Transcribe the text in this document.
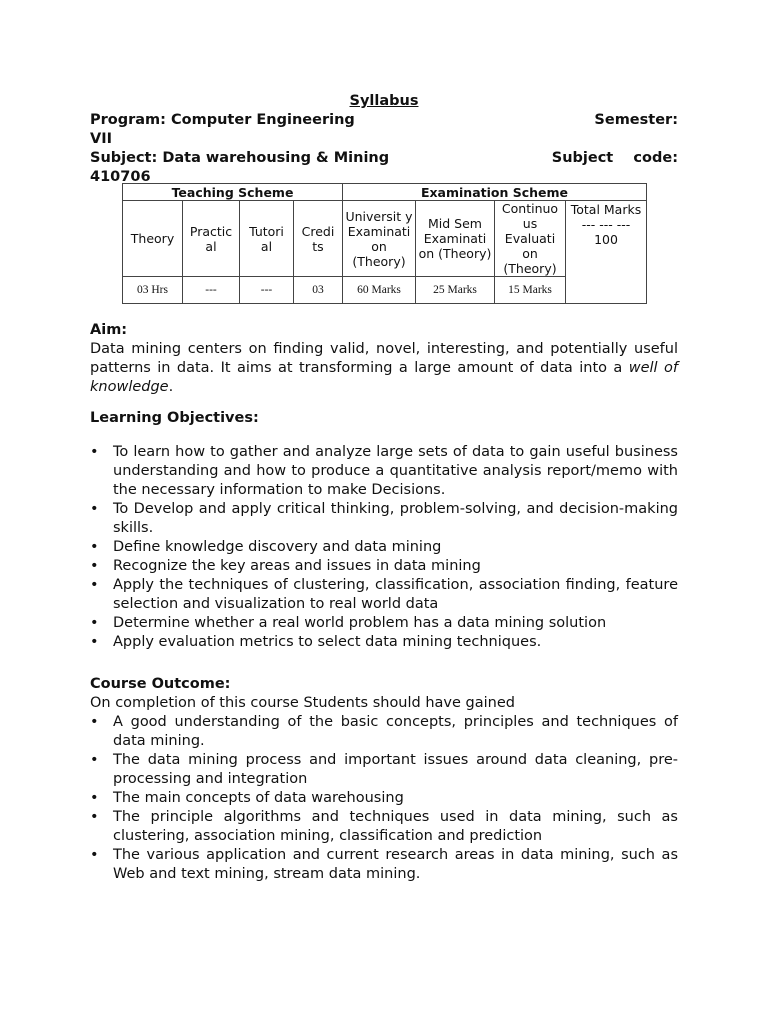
Syllabus
Program: Computer Engineering	Semester:
VII
Subject: Data warehousing & Mining	Subject    code:
410706
Teaching Scheme				Examination Scheme			
Theory	Practic al	Tutori al	Credi ts	Universit y Examinati on (Theory)	Mid Sem Examinati on (Theory)	Continuo us Evaluati on (Theory)	Total Marks --- --- ---
100

03 Hrs	---	---	03	60 Marks	25 Marks	15 Marks	
Aim:
Data mining centers on finding valid, novel, interesting, and potentially useful patterns in data. It aims at transforming a large amount of data into a well of knowledge.
Learning Objectives:
• To learn how to gather and analyze large sets of data to gain useful business understanding and how to produce a quantitative analysis report/memo with the necessary information to make Decisions.
• To Develop and apply critical thinking, problem-solving, and decision-making skills.
• Define knowledge discovery and data mining
• Recognize the key areas and issues in data mining
• Apply the techniques of clustering, classification, association finding, feature selection and visualization to real world data
• Determine whether a real world problem has a data mining solution
• Apply evaluation metrics to select data mining techniques.
Course Outcome:
On completion of this course Students should have gained
• A good understanding of the basic concepts, principles and techniques of data mining.
• The data mining process and important issues around data cleaning, pre-processing and integration
• The main concepts of data warehousing
• The principle algorithms and techniques used in data mining, such as clustering, association mining, classification and prediction
• The various application and current research areas in data mining, such as Web and text mining, stream data mining.
